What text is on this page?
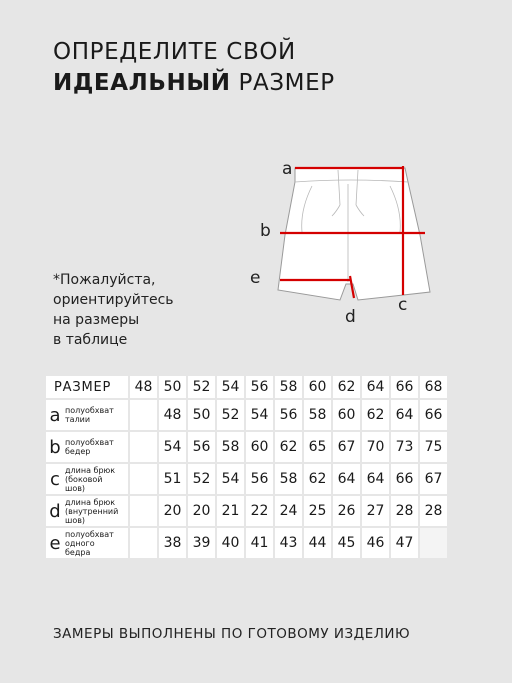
ОПРЕДЕЛИТЕ СВОЙ
ИДЕАЛЬНЫЙ РАЗМЕР
a
b
c
d
e
*Пожалуйста,
ориентируйтесь
на размеры
в таблице
РАЗМЕР	48	50	52	54	56	58	60	62	64	66	68

a полуобхват
талии		48	50	52	54	56	58	60	62	64	66

b полуобхват
бедер		54	56	58	60	62	65	67	70	73	75

c длина брюк
(боковой
шов)		51	52	54	56	58	62	64	64	66	67

d длина брюк
(внутренний
шов)		20	20	21	22	24	25	26	27	28	28

e полуобхват
одного
бедра		38	39	40	41	43	44	45	46	47	
ЗАМЕРЫ ВЫПОЛНЕНЫ ПО ГОТОВОМУ ИЗДЕЛИЮ
